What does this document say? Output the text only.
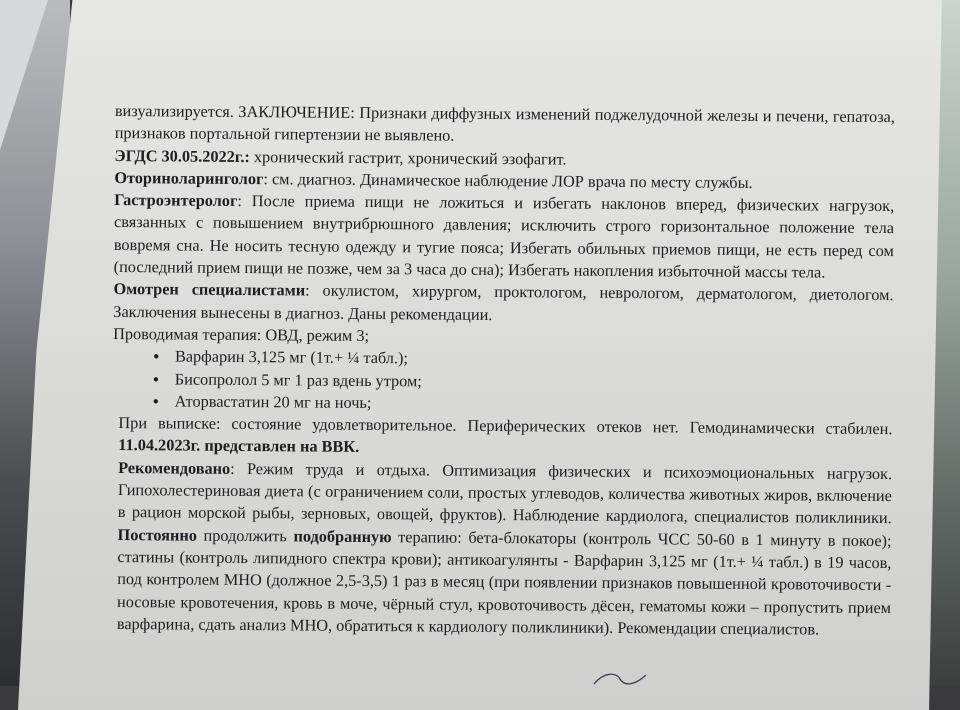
визуализируется. ЗАКЛЮЧЕНИЕ: Признаки диффузных изменений поджелудочной железы и печени, гепатоза, признаков портальной гипертензии не выявлено.

ЭГДС 30.05.2022г.: хронический гастрит, хронический эзофагит.

Оториноларинголог: см. диагноз. Динамическое наблюдение ЛОР врача по месту службы.

Гастроэнтеролог: После приема пищи не ложиться и избегать наклонов вперед, физических нагрузок, связанных с повышением внутрибрюшного давления; исключить строго горизонтальное положение тела вовремя сна. Не носить тесную одежду и тугие пояса; Избегать обильных приемов пищи, не есть перед сом (последний прием пищи не позже, чем за 3 часа до сна); Избегать накопления избыточной массы тела.

Омотрен специалистами: окулистом, хирургом, проктологом, неврологом, дерматологом, диетологом. Заключения вынесены в диагноз. Даны рекомендации.

Проводимая терапия: ОВД, режим 3;

• Варфарин 3,125 мг (1т.+ ¼ табл.);
• Бисопролол 5 мг 1 раз вдень утром;
• Аторвастатин 20 мг на ночь;

При выписке: состояние удовлетворительное. Периферических отеков нет. Гемодинамически стабилен. 11.04.2023г. представлен на ВВК.

Рекомендовано: Режим труда и отдыха. Оптимизация физических и психоэмоциональных нагрузок. Гипохолестериновая диета (с ограничением соли, простых углеводов, количества животных жиров, включение в рацион морской рыбы, зерновых, овощей, фруктов). Наблюдение кардиолога, специалистов поликлиники. Постоянно продолжить подобранную терапию: бета-блокаторы (контроль ЧСС 50-60 в 1 минуту в покое); статины (контроль липидного спектра крови); антикоагулянты - Варфарин 3,125 мг (1т.+ ¼ табл.) в 19 часов, под контролем МНО (должное 2,5-3,5) 1 раз в месяц (при появлении признаков повышенной кровоточивости - носовые кровотечения, кровь в моче, чёрный стул, кровоточивость дёсен, гематомы кожи – пропустить прием варфарина, сдать анализ МНО, обратиться к кардиологу поликлиники). Рекомендации специалистов.
